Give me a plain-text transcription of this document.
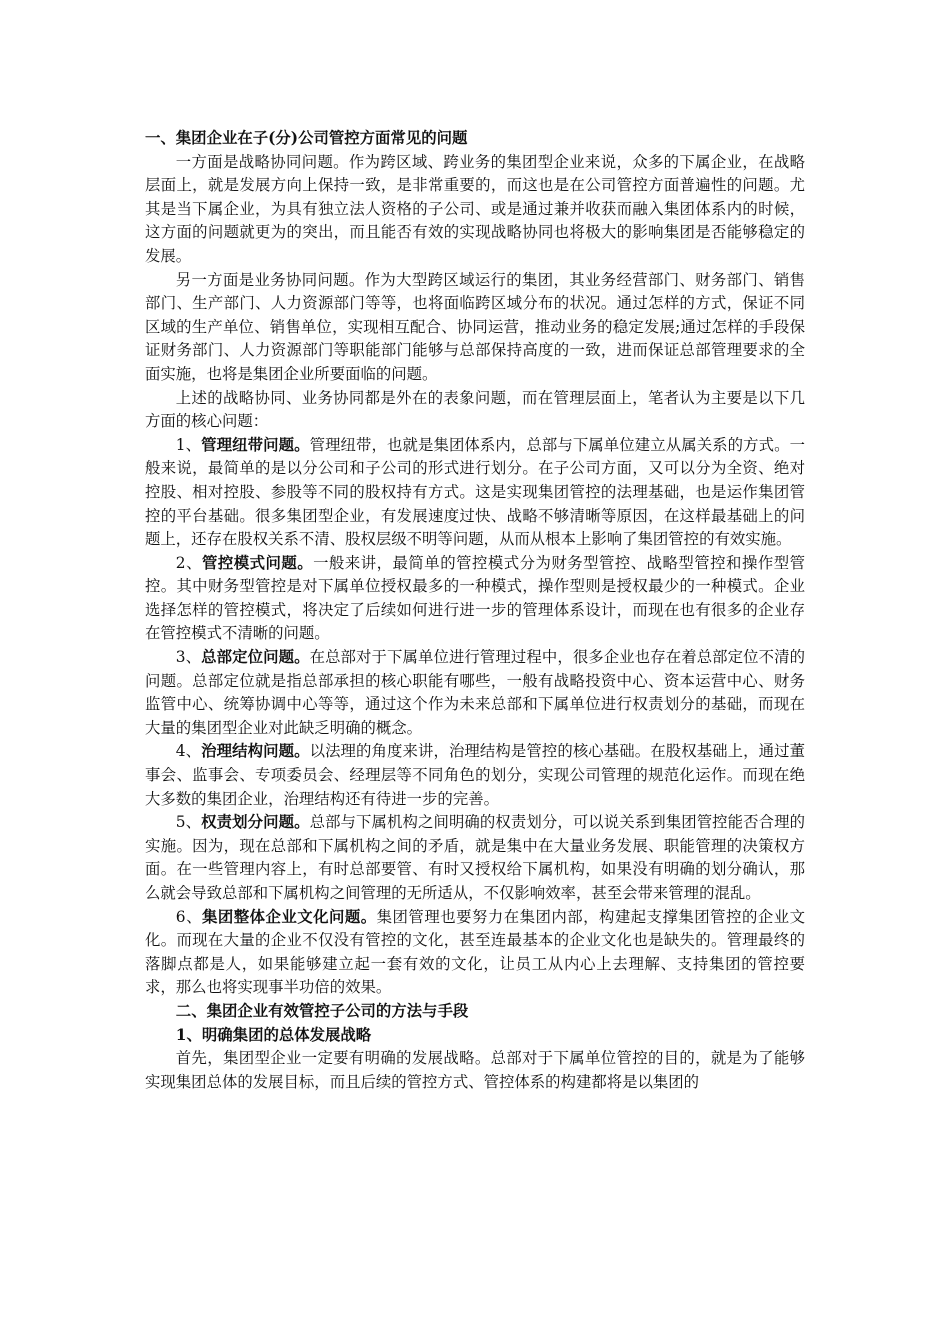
一、集团企业在子(分)公司管控方面常见的问题

一方面是战略协同问题。作为跨区域、跨业务的集团型企业来说，众多的下属企业，在战略层面上，就是发展方向上保持一致，是非常重要的，而这也是在公司管控方面普遍性的问题。尤其是当下属企业，为具有独立法人资格的子公司、或是通过兼并收获而融入集团体系内的时候，这方面的问题就更为的突出，而且能否有效的实现战略协同也将极大的影响集团是否能够稳定的发展。

另一方面是业务协同问题。作为大型跨区域运行的集团，其业务经营部门、财务部门、销售部门、生产部门、人力资源部门等等，也将面临跨区域分布的状况。通过怎样的方式，保证不同区域的生产单位、销售单位，实现相互配合、协同运营，推动业务的稳定发展;通过怎样的手段保证财务部门、人力资源部门等职能部门能够与总部保持高度的一致，进而保证总部管理要求的全面实施，也将是集团企业所要面临的问题。

上述的战略协同、业务协同都是外在的表象问题，而在管理层面上，笔者认为主要是以下几方面的核心问题：

1、管理纽带问题。管理纽带，也就是集团体系内，总部与下属单位建立从属关系的方式。一般来说，最简单的是以分公司和子公司的形式进行划分。在子公司方面，又可以分为全资、绝对控股、相对控股、参股等不同的股权持有方式。这是实现集团管控的法理基础，也是运作集团管控的平台基础。很多集团型企业，有发展速度过快、战略不够清晰等原因，在这样最基础上的问题上，还存在股权关系不清、股权层级不明等问题，从而从根本上影响了集团管控的有效实施。

2、管控模式问题。一般来讲，最简单的管控模式分为财务型管控、战略型管控和操作型管控。其中财务型管控是对下属单位授权最多的一种模式，操作型则是授权最少的一种模式。企业选择怎样的管控模式，将决定了后续如何进行进一步的管理体系设计，而现在也有很多的企业存在管控模式不清晰的问题。

3、总部定位问题。在总部对于下属单位进行管理过程中，很多企业也存在着总部定位不清的问题。总部定位就是指总部承担的核心职能有哪些，一般有战略投资中心、资本运营中心、财务监管中心、统筹协调中心等等，通过这个作为未来总部和下属单位进行权责划分的基础，而现在大量的集团型企业对此缺乏明确的概念。

4、治理结构问题。以法理的角度来讲，治理结构是管控的核心基础。在股权基础上，通过董事会、监事会、专项委员会、经理层等不同角色的划分，实现公司管理的规范化运作。而现在绝大多数的集团企业，治理结构还有待进一步的完善。

5、权责划分问题。总部与下属机构之间明确的权责划分，可以说关系到集团管控能否合理的实施。因为，现在总部和下属机构之间的矛盾，就是集中在大量业务发展、职能管理的决策权方面。在一些管理内容上，有时总部要管、有时又授权给下属机构，如果没有明确的划分确认，那么就会导致总部和下属机构之间管理的无所适从，不仅影响效率，甚至会带来管理的混乱。

6、集团整体企业文化问题。集团管理也要努力在集团内部，构建起支撑集团管控的企业文化。而现在大量的企业不仅没有管控的文化，甚至连最基本的企业文化也是缺失的。管理最终的落脚点都是人，如果能够建立起一套有效的文化，让员工从内心上去理解、支持集团的管控要求，那么也将实现事半功倍的效果。

二、集团企业有效管控子公司的方法与手段

1、明确集团的总体发展战略

首先，集团型企业一定要有明确的发展战略。总部对于下属单位管控的目的，就是为了能够实现集团总体的发展目标，而且后续的管控方式、管控体系的构建都将是以集团的
